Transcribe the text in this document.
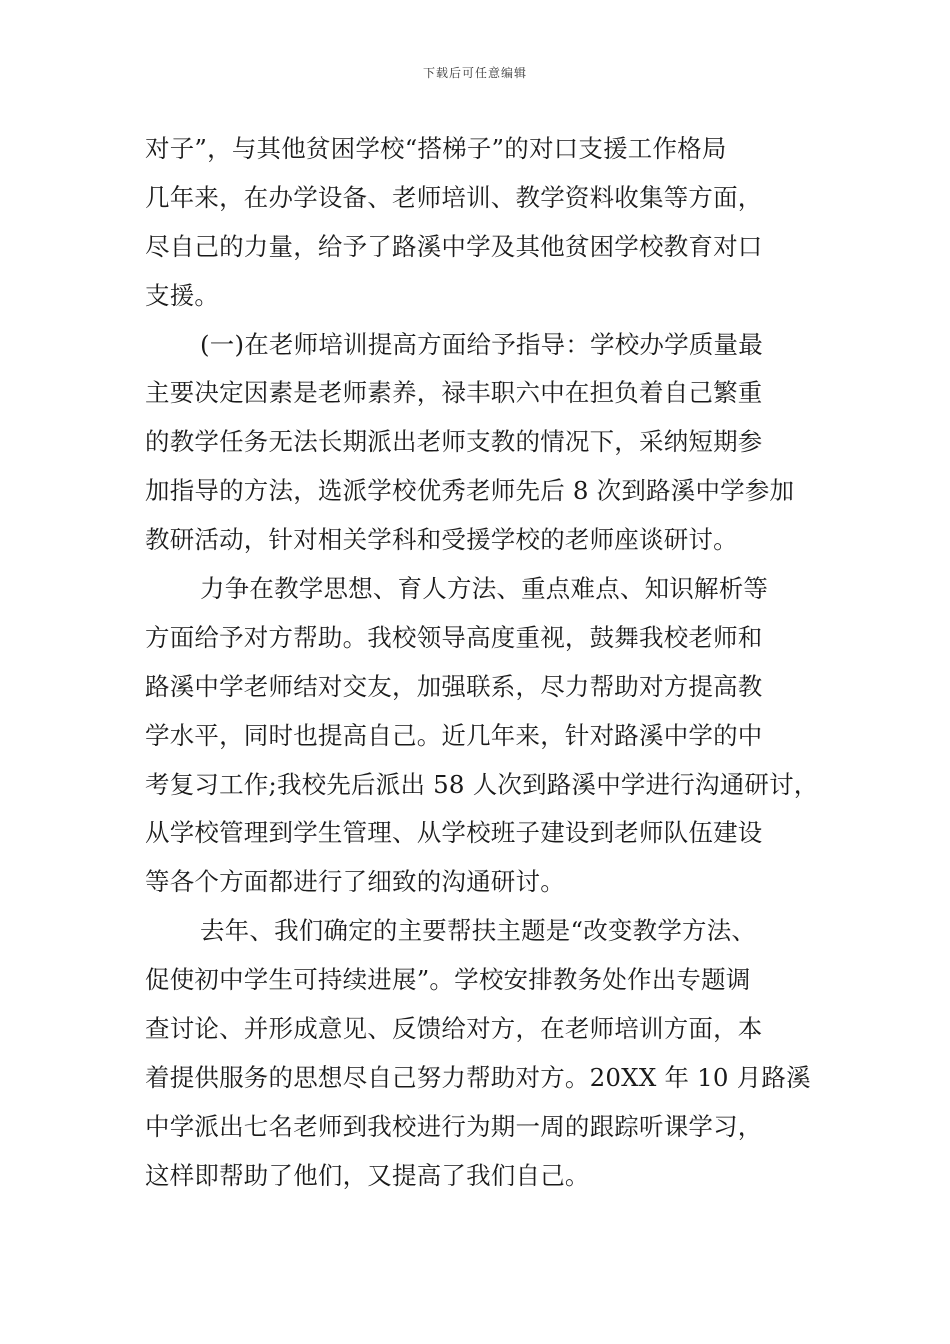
下载后可任意编辑
对子”，与其他贫困学校“搭梯子”的对口支援工作格局
几年来，在办学设备、老师培训、教学资料收集等方面，
尽自己的力量，给予了路溪中学及其他贫困学校教育对口
支援。
(一)在老师培训提高方面给予指导：学校办学质量最
主要决定因素是老师素养，禄丰职六中在担负着自己繁重
的教学任务无法长期派出老师支教的情况下，采纳短期参
加指导的方法，选派学校优秀老师先后 8 次到路溪中学参加
教研活动，针对相关学科和受援学校的老师座谈研讨。
力争在教学思想、育人方法、重点难点、知识解析等
方面给予对方帮助。我校领导高度重视，鼓舞我校老师和
路溪中学老师结对交友，加强联系，尽力帮助对方提高教
学水平，同时也提高自己。近几年来，针对路溪中学的中
考复习工作;我校先后派出 58 人次到路溪中学进行沟通研讨，
从学校管理到学生管理、从学校班子建设到老师队伍建设
等各个方面都进行了细致的沟通研讨。
去年、我们确定的主要帮扶主题是“改变教学方法、
促使初中学生可持续进展”。学校安排教务处作出专题调
查讨论、并形成意见、反馈给对方，在老师培训方面，本
着提供服务的思想尽自己努力帮助对方。20XX 年 10 月路溪
中学派出七名老师到我校进行为期一周的跟踪听课学习，
这样即帮助了他们，又提高了我们自己。
